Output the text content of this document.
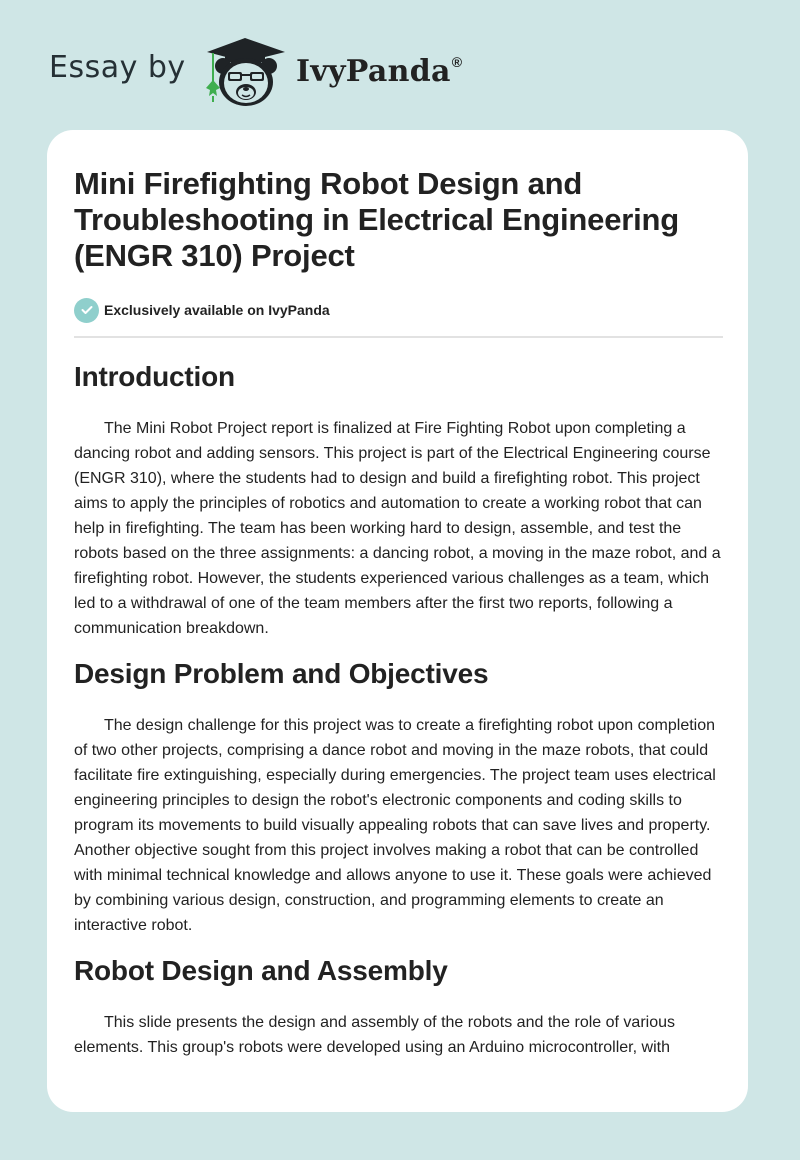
Essay by	IvyPanda®
Mini Firefighting Robot Design and Troubleshooting in Electrical Engineering (ENGR 310) Project
Exclusively available on IvyPanda
Introduction

The Mini Robot Project report is finalized at Fire Fighting Robot upon completing a dancing robot and adding sensors. This project is part of the Electrical Engineering course (ENGR 310), where the students had to design and build a firefighting robot. This project aims to apply the principles of robotics and automation to create a working robot that can help in firefighting. The team has been working hard to design, assemble, and test the robots based on the three assignments: a dancing robot, a moving in the maze robot, and a firefighting robot. However, the students experienced various challenges as a team, which led to a withdrawal of one of the team members after the first two reports, following a communication breakdown.

Design Problem and Objectives

The design challenge for this project was to create a firefighting robot upon completion of two other projects, comprising a dance robot and moving in the maze robots, that could facilitate fire extinguishing, especially during emergencies. The project team uses electrical engineering principles to design the robot's electronic components and coding skills to program its movements to build visually appealing robots that can save lives and property. Another objective sought from this project involves making a robot that can be controlled with minimal technical knowledge and allows anyone to use it. These goals were achieved by combining various design, construction, and programming elements to create an interactive robot.

Robot Design and Assembly

This slide presents the design and assembly of the robots and the role of various elements. This group's robots were developed using an Arduino microcontroller, with
